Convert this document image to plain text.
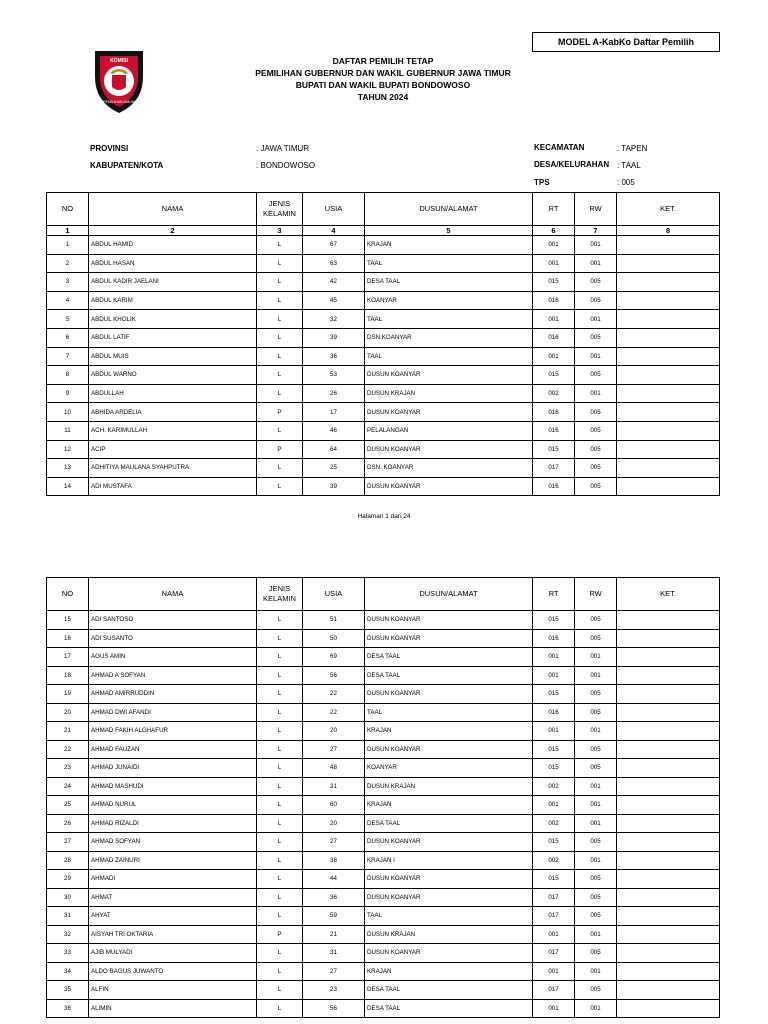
MODEL A-KabKo Daftar Pemilih
KOMISI
PEMILIHAN UMUM
DAFTAR PEMILIH TETAP
PEMILIHAN GUBERNUR DAN WAKIL GUBERNUR JAWA TIMUR
BUPATI DAN WAKIL BUPATI BONDOWOSO
TAHUN 2024
PROVINSI	: JAWA TIMUR
KABUPATEN/KOTA	: BONDOWOSO
KECAMATAN	: TAPEN
DESA/KELURAHAN : TAAL
TPS	: 005
NO	NAMA	JENIS KELAMIN	USIA	DUSUN/ALAMAT	RT	RW	KET.
1	2	3	4	5	6	7	8
1	ABDUL HAMID	L	67	KRAJAN	001	001	
2	ABDUL HASAN	L	63	TAAL	001	001	
3	ABDUL KADIR JAELANI	L	42	DESA TAAL	015	005	
4	ABDUL KARIM	L	45	KOANYAR	016	005	
5	ABDUL KHOLIK	L	32	TAAL	001	001	
6	ABDUL LATIF	L	39	DSN.KOANYAR	016	005	
7	ABDUL MUIS	L	36	TAAL	001	001	
8	ABDUL WARNO	L	53	DUSUN KOANYAR	015	005	
9	ABDULLAH	L	26	DUSUN KRAJAN	002	001	
10	ABHIDA ARDELIA	P	17	DUSUN KOANYAR	016	005	
11	ACH. KARIMULLAH	L	46	PELALANGAN	016	005	
12	ACIP	P	64	DUSUN KOANYAR	015	005	
13	ADHITIYA MAULANA SYAHPUTRA	L	25	DSN. KOANYAR	017	005	
14	ADI MUSTAFA	L	39	DUSUN KOANYAR	016	005	
Halaman 1 dari 24
NO	NAMA	JENIS KELAMIN	USIA	DUSUN/ALAMAT	RT	RW	KET.
15	ADI SANTOSO	L	51	DUSUN KOANYAR	015	005	
16	ADI SUSANTO	L	50	DUSUN KOANYAR	016	005	
17	AGUS AMIN	L	69	DESA TAAL	001	001	
18	AHMAD A SOFYAN	L	56	DESA TAAL	001	001	
19	AHMAD AMIRRUDDIN	L	22	DUSUN KOANYAR	015	005	
20	AHMAD DWI AFANDI	L	22	TAAL	016	005	
21	AHMAD FAKIH ALGHAFUR	L	20	KRAJAN	001	001	
22	AHMAD FAUZAN	L	27	DUSUN KOANYAR	015	005	
23	AHMAD JUNAIDI	L	48	KOANYAR	015	005	
24	AHMAD MASHUDI	L	31	DUSUN KRAJAN	002	001	
25	AHMAD NURUL	L	60	KRAJAN	001	001	
26	AHMAD RIZALDI	L	20	DESA TAAL	002	001	
27	AHMAD SOFYAN	L	27	DUSUN KOANYAR	015	005	
28	AHMAD ZAINURI	L	38	KRAJAN I	002	001	
29	AHMADI	L	44	DUSUN KOANYAR	015	005	
30	AHMAT	L	36	DUSUN KOANYAR	017	005	
31	AHYAT	L	59	TAAL	017	005	
32	AISYAH TRI OKTARIA	P	21	DUSUN KRAJAN	001	001	
33	AJIB MULYADI	L	31	DUSUN KOANYAR	017	005	
34	ALDO BAGUS JUWANTO	L	27	KRAJAN	001	001	
35	ALFIN	L	23	DESA TAAL	017	005	
36	ALIMIN	L	56	DESA TAAL	001	001	
